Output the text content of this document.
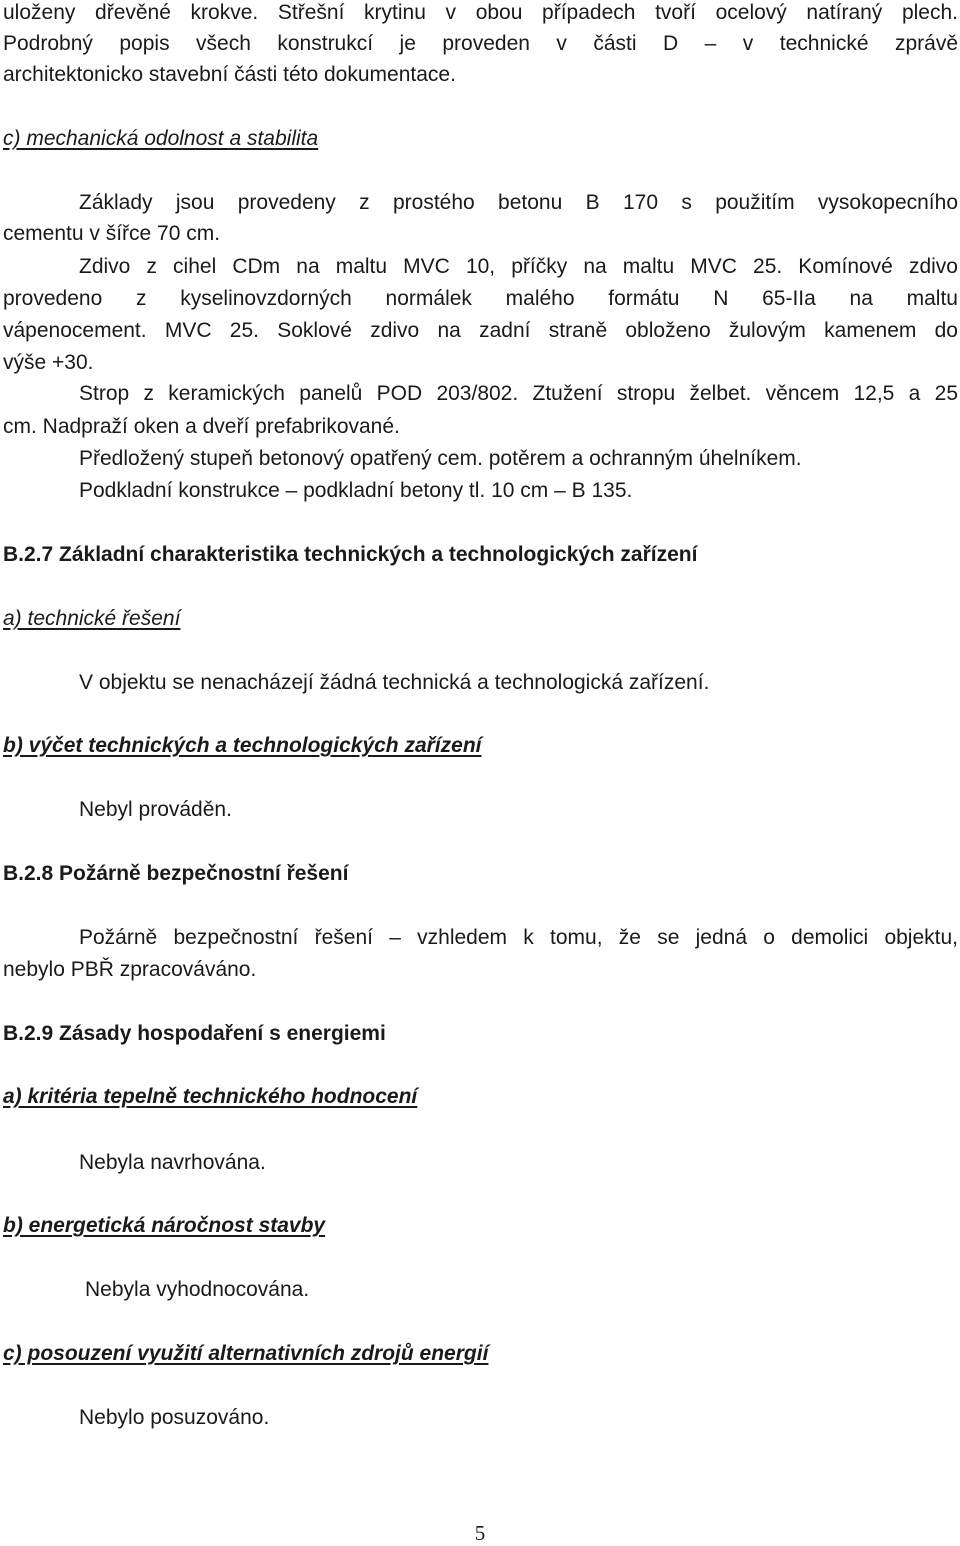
uloženy dřevěné krokve. Střešní krytinu v obou případech tvoří ocelový natíraný plech.
Podrobný popis všech konstrukcí je proveden v části D – v technické zprávě
architektonicko stavební části této dokumentace.
c) mechanická odolnost a stabilita
Základy jsou provedeny z prostého betonu B 170 s použitím vysokopecního
cementu v šířce 70 cm.
Zdivo z cihel CDm na maltu MVC 10, příčky na maltu MVC 25. Komínové zdivo
provedeno z kyselinovzdorných normálek malého formátu N 65-IIa na maltu
vápenocement. MVC 25. Soklové zdivo na zadní straně obloženo žulovým kamenem do
výše +30.
Strop z keramických panelů POD 203/802. Ztužení stropu želbet. věncem 12,5 a 25
cm. Nadpraží oken a dveří prefabrikované.
Předložený stupeň betonový opatřený cem. potěrem a ochranným úhelníkem.
Podkladní konstrukce – podkladní betony tl. 10 cm – B 135.
B.2.7 Základní charakteristika technických a technologických zařízení
a) technické řešení
V objektu se nenacházejí žádná technická a technologická zařízení.
b) výčet technických a technologických zařízení
Nebyl prováděn.
B.2.8 Požárně bezpečnostní řešení
Požárně bezpečnostní řešení – vzhledem k tomu, že se jedná o demolici objektu,
nebylo PBŘ zpracováváno.
B.2.9 Zásady hospodaření s energiemi
a) kritéria tepelně technického hodnocení
Nebyla navrhována.
b) energetická náročnost stavby
Nebyla vyhodnocována.
c) posouzení využití alternativních zdrojů energií
Nebylo posuzováno.
5
